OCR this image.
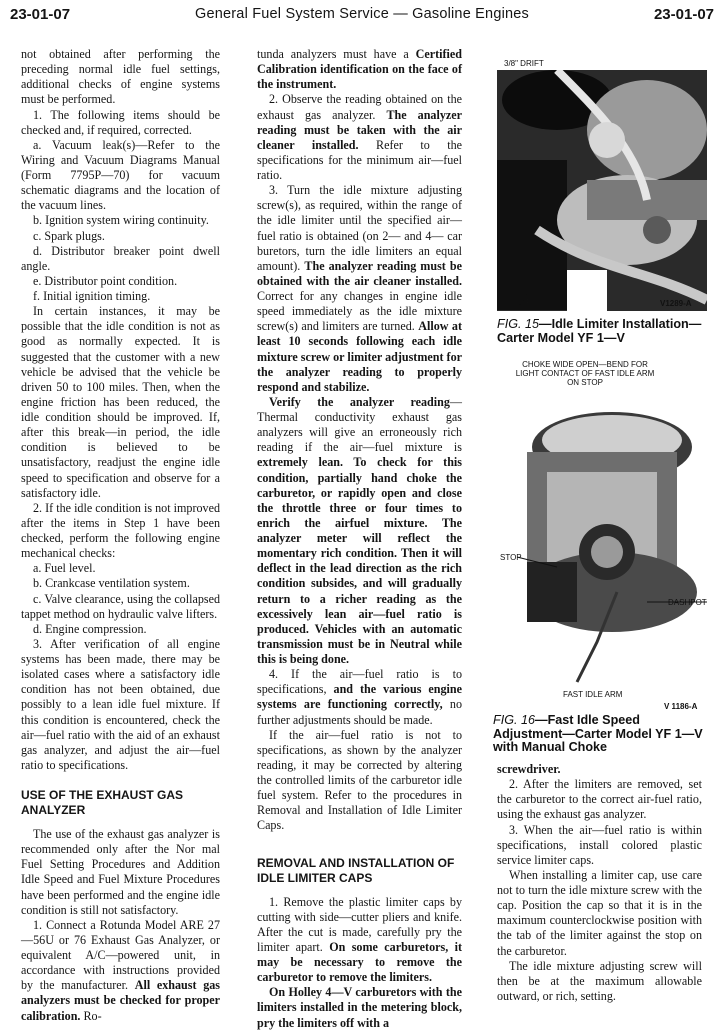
23-01-07	General Fuel System Service — Gasoline Engines	23-01-07

not obtained after performing the preceding normal idle fuel settings, additional checks of engine systems must be performed.

1. The following items should be checked and, if required, corrected.

a. Vacuum leak(s)—Refer to the Wiring and Vacuum Diagrams Manual (Form 7795P—70) for vacuum schematic diagrams and the location of the vacuum lines.

b. Ignition system wiring continuity.

c. Spark plugs.

d. Distributor breaker point dwell angle.

e. Distributor point condition.

f. Initial ignition timing.

In certain instances, it may be possible that the idle condition is not as good as normally expected. It is suggested that the customer with a new vehicle be advised that the vehicle be driven 50 to 100 miles. Then, when the engine friction has been reduced, the idle condition should be improved. If, after this break—in period, the idle condition is believed to be unsatisfactory, readjust the engine idle speed to specification and observe for a satisfactory idle.

2. If the idle condition is not improved after the items in Step 1 have been checked, perform the following engine mechanical checks:

a. Fuel level.

b. Crankcase ventilation system.

c. Valve clearance, using the collapsed tappet method on hydraulic valve lifters.

d. Engine compression.

3. After verification of all engine systems has been made, there may be isolated cases where a satisfactory idle condition has not been obtained, due possibly to a lean idle fuel mixture. If this condition is encountered, check the air—fuel ratio with the aid of an exhaust gas analyzer, and adjust the air—fuel ratio to specifications.

USE OF THE EXHAUST GAS ANALYZER

The use of the exhaust gas analyzer is recommended only after the Nor mal Fuel Setting Procedures and Addition Idle Speed and Fuel Mixture Procedures have been performed and the engine idle condition is still not satisfactory.

1. Connect a Rotunda Model ARE 27—56U or 76 Exhaust Gas Analyzer, or equivalent A/C—powered unit, in accordance with instructions provided by the manufacturer. All exhaust gas analyzers must be checked for proper calibration. Ro-

tunda analyzers must have a Certified Calibration identification on the face of the instrument.

2. Observe the reading obtained on the exhaust gas analyzer. The analyzer reading must be taken with the air cleaner installed. Refer to the specifications for the minimum air—fuel ratio.

3. Turn the idle mixture adjusting screw(s), as required, within the range of the idle limiter until the specified air—fuel ratio is obtained (on 2— and 4— car buretors, turn the idle limiters an equal amount). The analyzer reading must be obtained with the air cleaner installed. Correct for any changes in engine idle speed immediately as the idle mixture screw(s) and limiters are turned. Allow at least 10 seconds following each idle mixture screw or limiter adjustment for the analyzer reading to properly respond and stabilize.

Verify the analyzer reading—Thermal conductivity exhaust gas analyzers will give an erroneously rich reading if the air—fuel mixture is extremely lean. To check for this condition, partially hand choke the carburetor, or rapidly open and close the throttle three or four times to enrich the airfuel mixture. The analyzer meter will reflect the momentary rich condition. Then it will deflect in the lead direction as the rich condition subsides, and will gradually return to a richer reading as the excessively lean air—fuel ratio is produced. Vehicles with an automatic transmission must be in Neutral while this is being done.

4. If the air—fuel ratio is to specifications, and the various engine systems are functioning correctly, no further adjustments should be made.

If the air—fuel ratio is not to specifications, as shown by the analyzer reading, it may be corrected by altering the controlled limits of the carburetor idle fuel system. Refer to the procedures in Removal and Installation of Idle Limiter Caps.

REMOVAL AND INSTALLATION OF IDLE LIMITER CAPS

1. Remove the plastic limiter caps by cutting with side—cutter pliers and knife. After the cut is made, carefully pry the limiter apart. On some carburetors, it may be necessary to remove the carburetor to remove the limiters.

On Holley 4—V carburetors with the limiters installed in the metering block, pry the limiters off with a

screwdriver.

2. After the limiters are removed, set the carburetor to the correct air-fuel ratio, using the exhaust gas analyzer.

3. When the air—fuel ratio is within specifications, install colored plastic service limiter caps.

When installing a limiter cap, use care not to turn the idle mixture screw with the cap. Position the cap so that it is in the maximum counterclockwise position with the tab of the limiter against the stop on the carburetor.

The idle mixture adjusting screw will then be at the maximum allowable outward, or rich, setting.

3/8" DRIFT
LIMITER CAP	V1289-A
FIG. 15—Idle Limiter Installation—Carter Model YF 1—V
CHOKE WIDE OPEN—BEND FOR LIGHT CONTACT OF FAST IDLE ARM ON STOP
STOP
DASHPOT
FAST IDLE ARM
V 1186-A
FIG. 16—Fast Idle Speed Adjustment—Carter Model YF 1—V with Manual Choke
